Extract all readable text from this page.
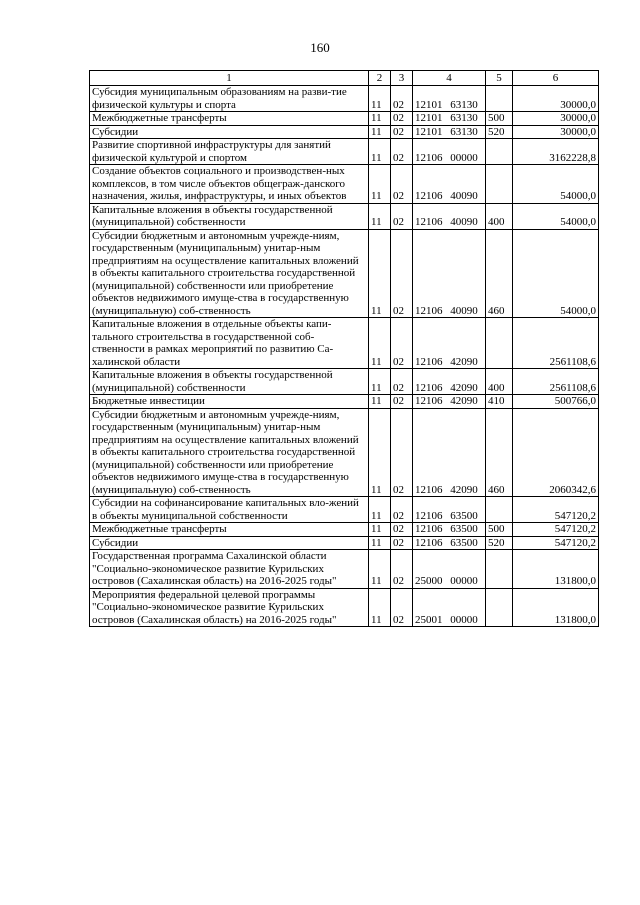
160
1	2	3	4	5	6
Субсидия муниципальным образованиям на разви-тие физической культуры и спорта	11	02	12101 63130		30000,0
Межбюджетные трансферты	11	02	12101 63130	500	30000,0
Субсидии	11	02	12101 63130	520	30000,0
Развитие спортивной инфраструктуры для занятий физической культурой и спортом	11	02	12106 00000		3162228,8
Создание объектов социального и производствен-ных комплексов, в том числе объектов общеграж-данского назначения, жилья, инфраструктуры, и иных объектов	11	02	12106 40090		54000,0
Капитальные вложения в объекты государственной (муниципальной) собственности	11	02	12106 40090	400	54000,0
Субсидии бюджетным и автономным учрежде-ниям, государственным (муниципальным) унитар-ным предприятиям на осуществление капитальных вложений в объекты капитального строительства государственной (муниципальной) собственности или приобретение объектов недвижимого имуще-ства в государственную (муниципальную) соб-ственность	11	02	12106 40090	460	54000,0
Капитальные вложения в отдельные объекты капи-тального строительства в государственной соб-ственности в рамках мероприятий по развитию Са-халинской области	11	02	12106 42090		2561108,6
Капитальные вложения в объекты государственной (муниципальной) собственности	11	02	12106 42090	400	2561108,6
Бюджетные инвестиции	11	02	12106 42090	410	500766,0
Субсидии бюджетным и автономным учрежде-ниям, государственным (муниципальным) унитар-ным предприятиям на осуществление капитальных вложений в объекты капитального строительства государственной (муниципальной) собственности или приобретение объектов недвижимого имуще-ства в государственную (муниципальную) соб-ственность	11	02	12106 42090	460	2060342,6
Субсидии на софинансирование капитальных вло-жений в объекты муниципальной собственности	11	02	12106 63500		547120,2
Межбюджетные трансферты	11	02	12106 63500	500	547120,2
Субсидии	11	02	12106 63500	520	547120,2
Государственная программа Сахалинской области "Социально-экономическое развитие Курильских островов (Сахалинская область) на 2016-2025 годы"	11	02	25000 00000		131800,0
Мероприятия федеральной целевой программы "Социально-экономическое развитие Курильских островов (Сахалинская область) на 2016-2025 годы"	11	02	25001 00000		131800,0
